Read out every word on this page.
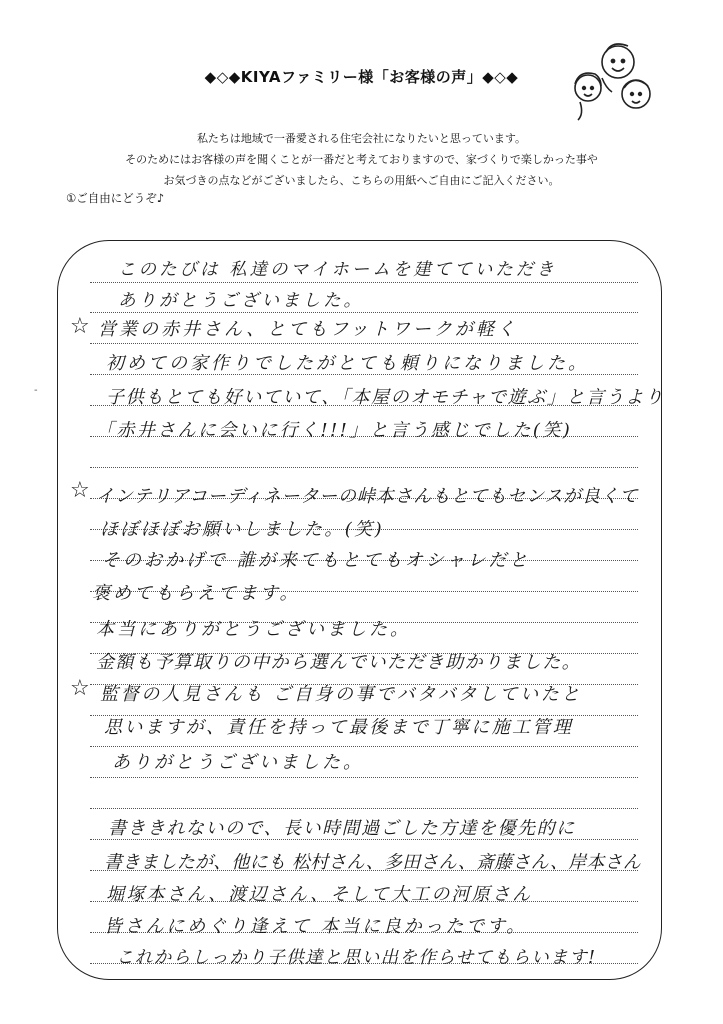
◆◇◆KIYAファミリー様「お客様の声」◆◇◆
私たちは地域で一番愛される住宅会社になりたいと思っています。
そのためにはお客様の声を聞くことが一番だと考えておりますので、家づくりで楽しかった事や
お気づきの点などがございましたら、こちらの用紙へご自由にご記入ください。
①ご自由にどうぞ♪
‐
☆
☆
☆
このたびは 私達のマイホームを建てていただき
ありがとうございました。
営業の赤井さん、とてもフットワークが軽く
初めての家作りでしたがとても頼りになりました。
子供もとても好いていて、「本屋のオモチャで遊ぶ」と言うより
「赤井さんに会いに行く!!!」と言う感じでした(笑)
インテリアコーディネーターの峠本さんもとてもセンスが良くて
ほぼほぼお願いしました。(笑)
そのおかげで 誰が来てもとてもオシャレだと
褒めてもらえてます。
本当にありがとうございました。
金額も予算取りの中から選んでいただき助かりました。
監督の人見さんも ご自身の事でバタバタしていたと
思いますが、責任を持って最後まで丁寧に施工管理
ありがとうございました。
書ききれないので、長い時間過ごした方達を優先的に
書きましたが、他にも 松村さん、多田さん、斎藤さん、岸本さん
堀塚本さん、渡辺さん、そして大工の河原さん
皆さんにめぐり逢えて 本当に良かったです。
これからしっかり子供達と思い出を作らせてもらいます!
